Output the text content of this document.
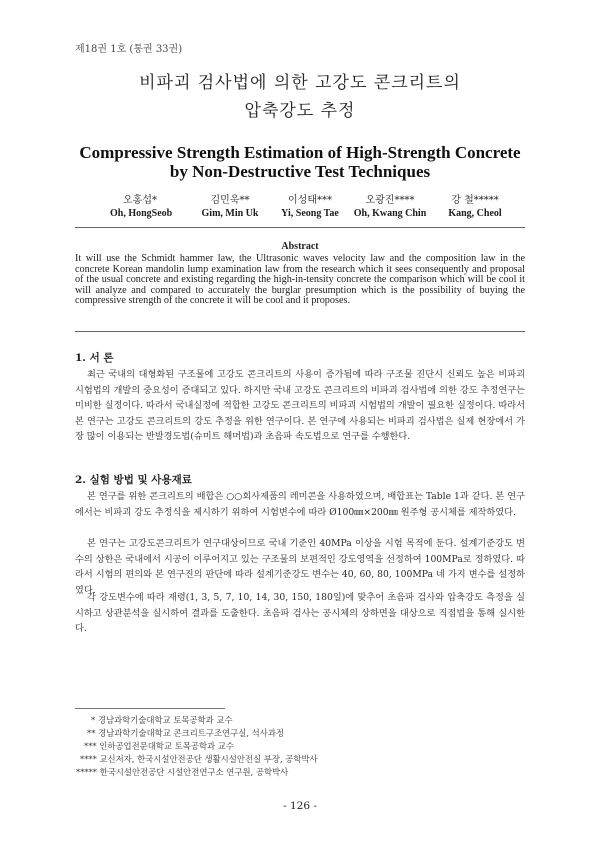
제18권 1호 (통권 33권)
비파괴 검사법에 의한 고강도 콘크리트의
압축강도 추정
Compressive Strength Estimation of High-Strength Concrete
by Non-Destructive Test Techniques
오홍섭*	김민욱**	이성태***	오광진****	강 철*****
Oh, HongSeob	Gim, Min Uk	Yi, Seong Tae	Oh, Kwang Chin	Kang, Cheol
Abstract
It will use the Schmidt hammer law, the Ultrasonic waves velocity law and the composition law in the concrete Korean mandolin lump examination law from the research which it sees consequently and proposal of the usual concrete and existing regarding the high-in-tensity concrete the comparison which will be cool it will analyze and compared to accurately the burglar presumption which is the possibility of buying the compressive strength of the concrete it will be cool and it proposes.
1. 서 론
최근 국내의 대형화된 구조물에 고강도 콘크리트의 사용이 증가됨에 따라 구조물 진단시 신뢰도 높은 비파괴 시험법의 개발의 중요성이 증대되고 있다. 하지만 국내 고강도 콘크리트의 비파괴 검사법에 의한 강도 추정연구는 미비한 실정이다. 따라서 국내실정에 적합한 고강도 콘크리트의 비파괴 시험법의 개발이 필요한 실정이다. 따라서 본 연구는 고강도 콘크리트의 강도 추정을 위한 연구이다. 본 연구에 사용되는 비파괴 검사법은 실제 현장에서 가장 많이 이용되는 반발경도법(슈미트 해머법)과 초음파 속도법으로 연구를 수행한다.
2. 실험 방법 및 사용재료
본 연구를 위한 콘크리트의 배합은 ○○회사제품의 레미콘을 사용하였으며, 배합표는 Table 1과 같다. 본 연구에서는 비파괴 강도 추정식을 제시하기 위하여 시험변수에 따라 Ø100㎜×200㎜ 원주형 공시체를 제작하였다.
본 연구는 고강도콘크리트가 연구대상이므로 국내 기준인 40MPa 이상을 시험 목적에 둔다. 설계기준강도 변수의 상한은 국내에서 시공이 이루어지고 있는 구조물의 보편적인 강도영역을 선정하여 100MPa로 정하였다. 따라서 시험의 편의와 본 연구진의 판단에 따라 설계기준강도 변수는 40, 60, 80, 100MPa 네 가지 변수를 설정하였다.
각 강도변수에 따라 재령(1, 3, 5, 7, 10, 14, 30, 150, 180일)에 맞추어 초음파 검사와 압축강도 측정을 실시하고 상관분석을 실시하여 결과를 도출한다. 초음파 검사는 공시체의 상하면을 대상으로 직접법을 통해 실시한다.
* 경남과학기술대학교 토목공학과 교수
** 경남과학기술대학교 콘크리트구조연구실, 석사과정
*** 인하공업전문대학교 토목공학과 교수
**** 교신저자, 한국시설안전공단 생활시설안전실 부장, 공학박사
***** 한국시설안전공단 시설안전연구소 연구원, 공학박사
- 126 -
